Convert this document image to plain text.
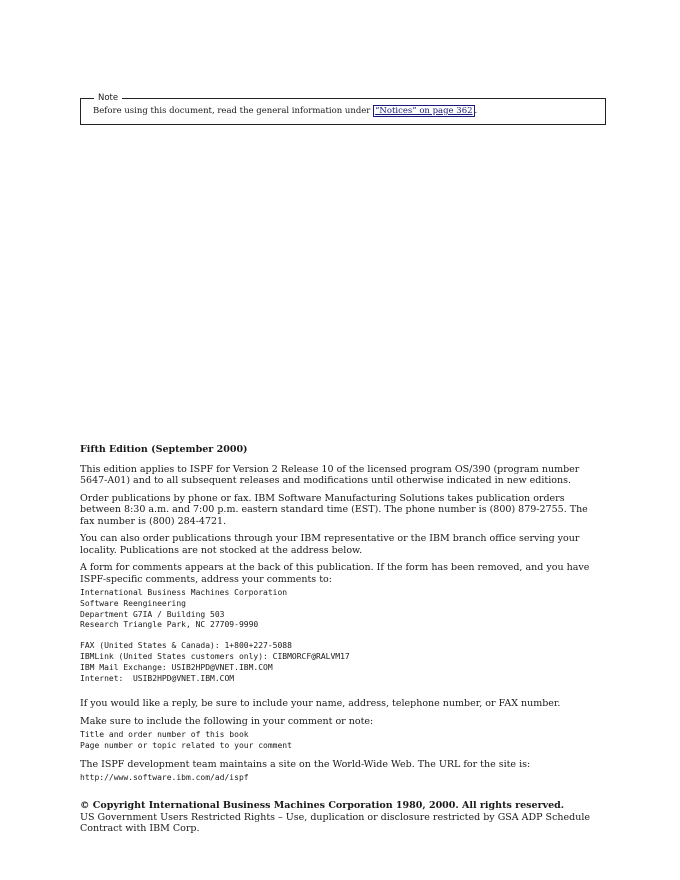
Note
Before using this document, read the general information under “Notices” on page 362 .

Fifth Edition (September 2000)

This edition applies to ISPF for Version 2 Release 10 of the licensed program OS/390 (program number 5647-A01) and to all subsequent releases and modifications until otherwise indicated in new editions.

Order publications by phone or fax. IBM Software Manufacturing Solutions takes publication orders between 8:30 a.m. and 7:00 p.m. eastern standard time (EST). The phone number is (800) 879-2755. The fax number is (800) 284-4721.

You can also order publications through your IBM representative or the IBM branch office serving your locality. Publications are not stocked at the address below.

A form for comments appears at the back of this publication. If the form has been removed, and you have ISPF-specific comments, address your comments to:

International Business Machines Corporation
Software Reengineering
Department G7IA / Building 503
Research Triangle Park, NC 27709-9990
FAX (United States & Canada): 1+800+227-5088
IBMLink (United States customers only): CIBMORCF@RALVM17
IBM Mail Exchange: USIB2HPD@VNET.IBM.COM
Internet:  USIB2HPD@VNET.IBM.COM

If you would like a reply, be sure to include your name, address, telephone number, or FAX number.

Make sure to include the following in your comment or note:

Title and order number of this book
Page number or topic related to your comment

The ISPF development team maintains a site on the World-Wide Web. The URL for the site is:

http://www.software.ibm.com/ad/ispf

© Copyright International Business Machines Corporation 1980, 2000. All rights reserved.

US Government Users Restricted Rights – Use, duplication or disclosure restricted by GSA ADP Schedule Contract with IBM Corp.
